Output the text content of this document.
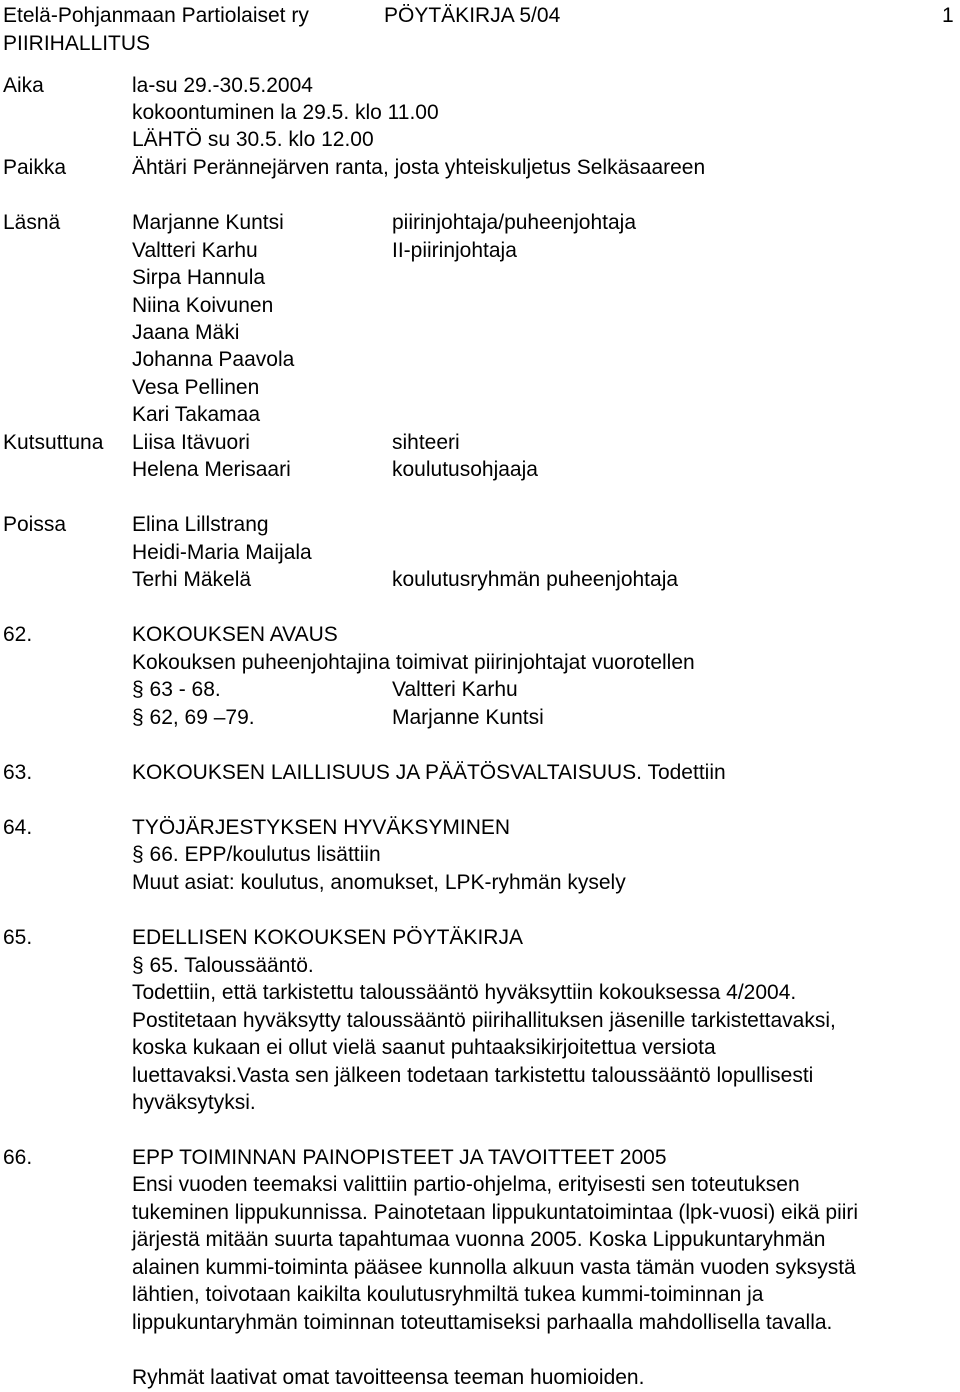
Etelä-Pohjanmaan Partiolaiset ry	PÖYTÄKIRJA 5/04	1

PIIRIHALLITUS

Aika	la-su 29.-30.5.2004

kokoontuminen la 29.5. klo 11.00

LÄHTÖ su 30.5. klo 12.00

Paikka	Ähtäri Perännejärven ranta, josta yhteiskuljetus Selkäsaareen

Läsnä	Marjanne Kuntsi	piirinjohtaja/puheenjohtaja

Valtteri Karhu	II-piirinjohtaja

Sirpa Hannula

Niina Koivunen

Jaana Mäki

Johanna Paavola

Vesa Pellinen

Kari Takamaa

Kutsuttuna Liisa Itävuori	sihteeri

Helena Merisaari	koulutusohjaaja

Poissa	Elina Lillstrang

Heidi-Maria Maijala

Terhi Mäkelä	koulutusryhmän puheenjohtaja

62.	KOKOUKSEN AVAUS

Kokouksen puheenjohtajina toimivat piirinjohtajat vuorotellen

§ 63 - 68.	Valtteri Karhu

§ 62, 69 –79.	Marjanne Kuntsi

63.	KOKOUKSEN LAILLISUUS JA PÄÄTÖSVALTAISUUS. Todettiin

64.	TYÖJÄRJESTYKSEN HYVÄKSYMINEN

§ 66. EPP/koulutus lisättiin

Muut asiat: koulutus, anomukset, LPK-ryhmän kysely

65.	EDELLISEN KOKOUKSEN PÖYTÄKIRJA

§ 65. Taloussääntö.

Todettiin, että tarkistettu taloussääntö hyväksyttiin kokouksessa 4/2004.

Postitetaan hyväksytty taloussääntö piirihallituksen jäsenille tarkistettavaksi,

koska kukaan ei ollut vielä saanut puhtaaksikirjoitettua versiota

luettavaksi.Vasta sen jälkeen todetaan tarkistettu taloussääntö lopullisesti

hyväksytyksi.

66.	EPP TOIMINNAN PAINOPISTEET JA TAVOITTEET 2005

Ensi vuoden teemaksi valittiin partio-ohjelma, erityisesti sen toteutuksen

tukeminen lippukunnissa. Painotetaan lippukuntatoimintaa (lpk-vuosi) eikä piiri

järjestä mitään suurta tapahtumaa vuonna 2005. Koska Lippukuntaryhmän

alainen kummi-toiminta pääsee kunnolla alkuun vasta tämän vuoden syksystä

lähtien, toivotaan kaikilta koulutusryhmiltä tukea kummi-toiminnan ja

lippukuntaryhmän toiminnan toteuttamiseksi parhaalla mahdollisella tavalla.

Ryhmät laativat omat tavoitteensa teeman huomioiden.
